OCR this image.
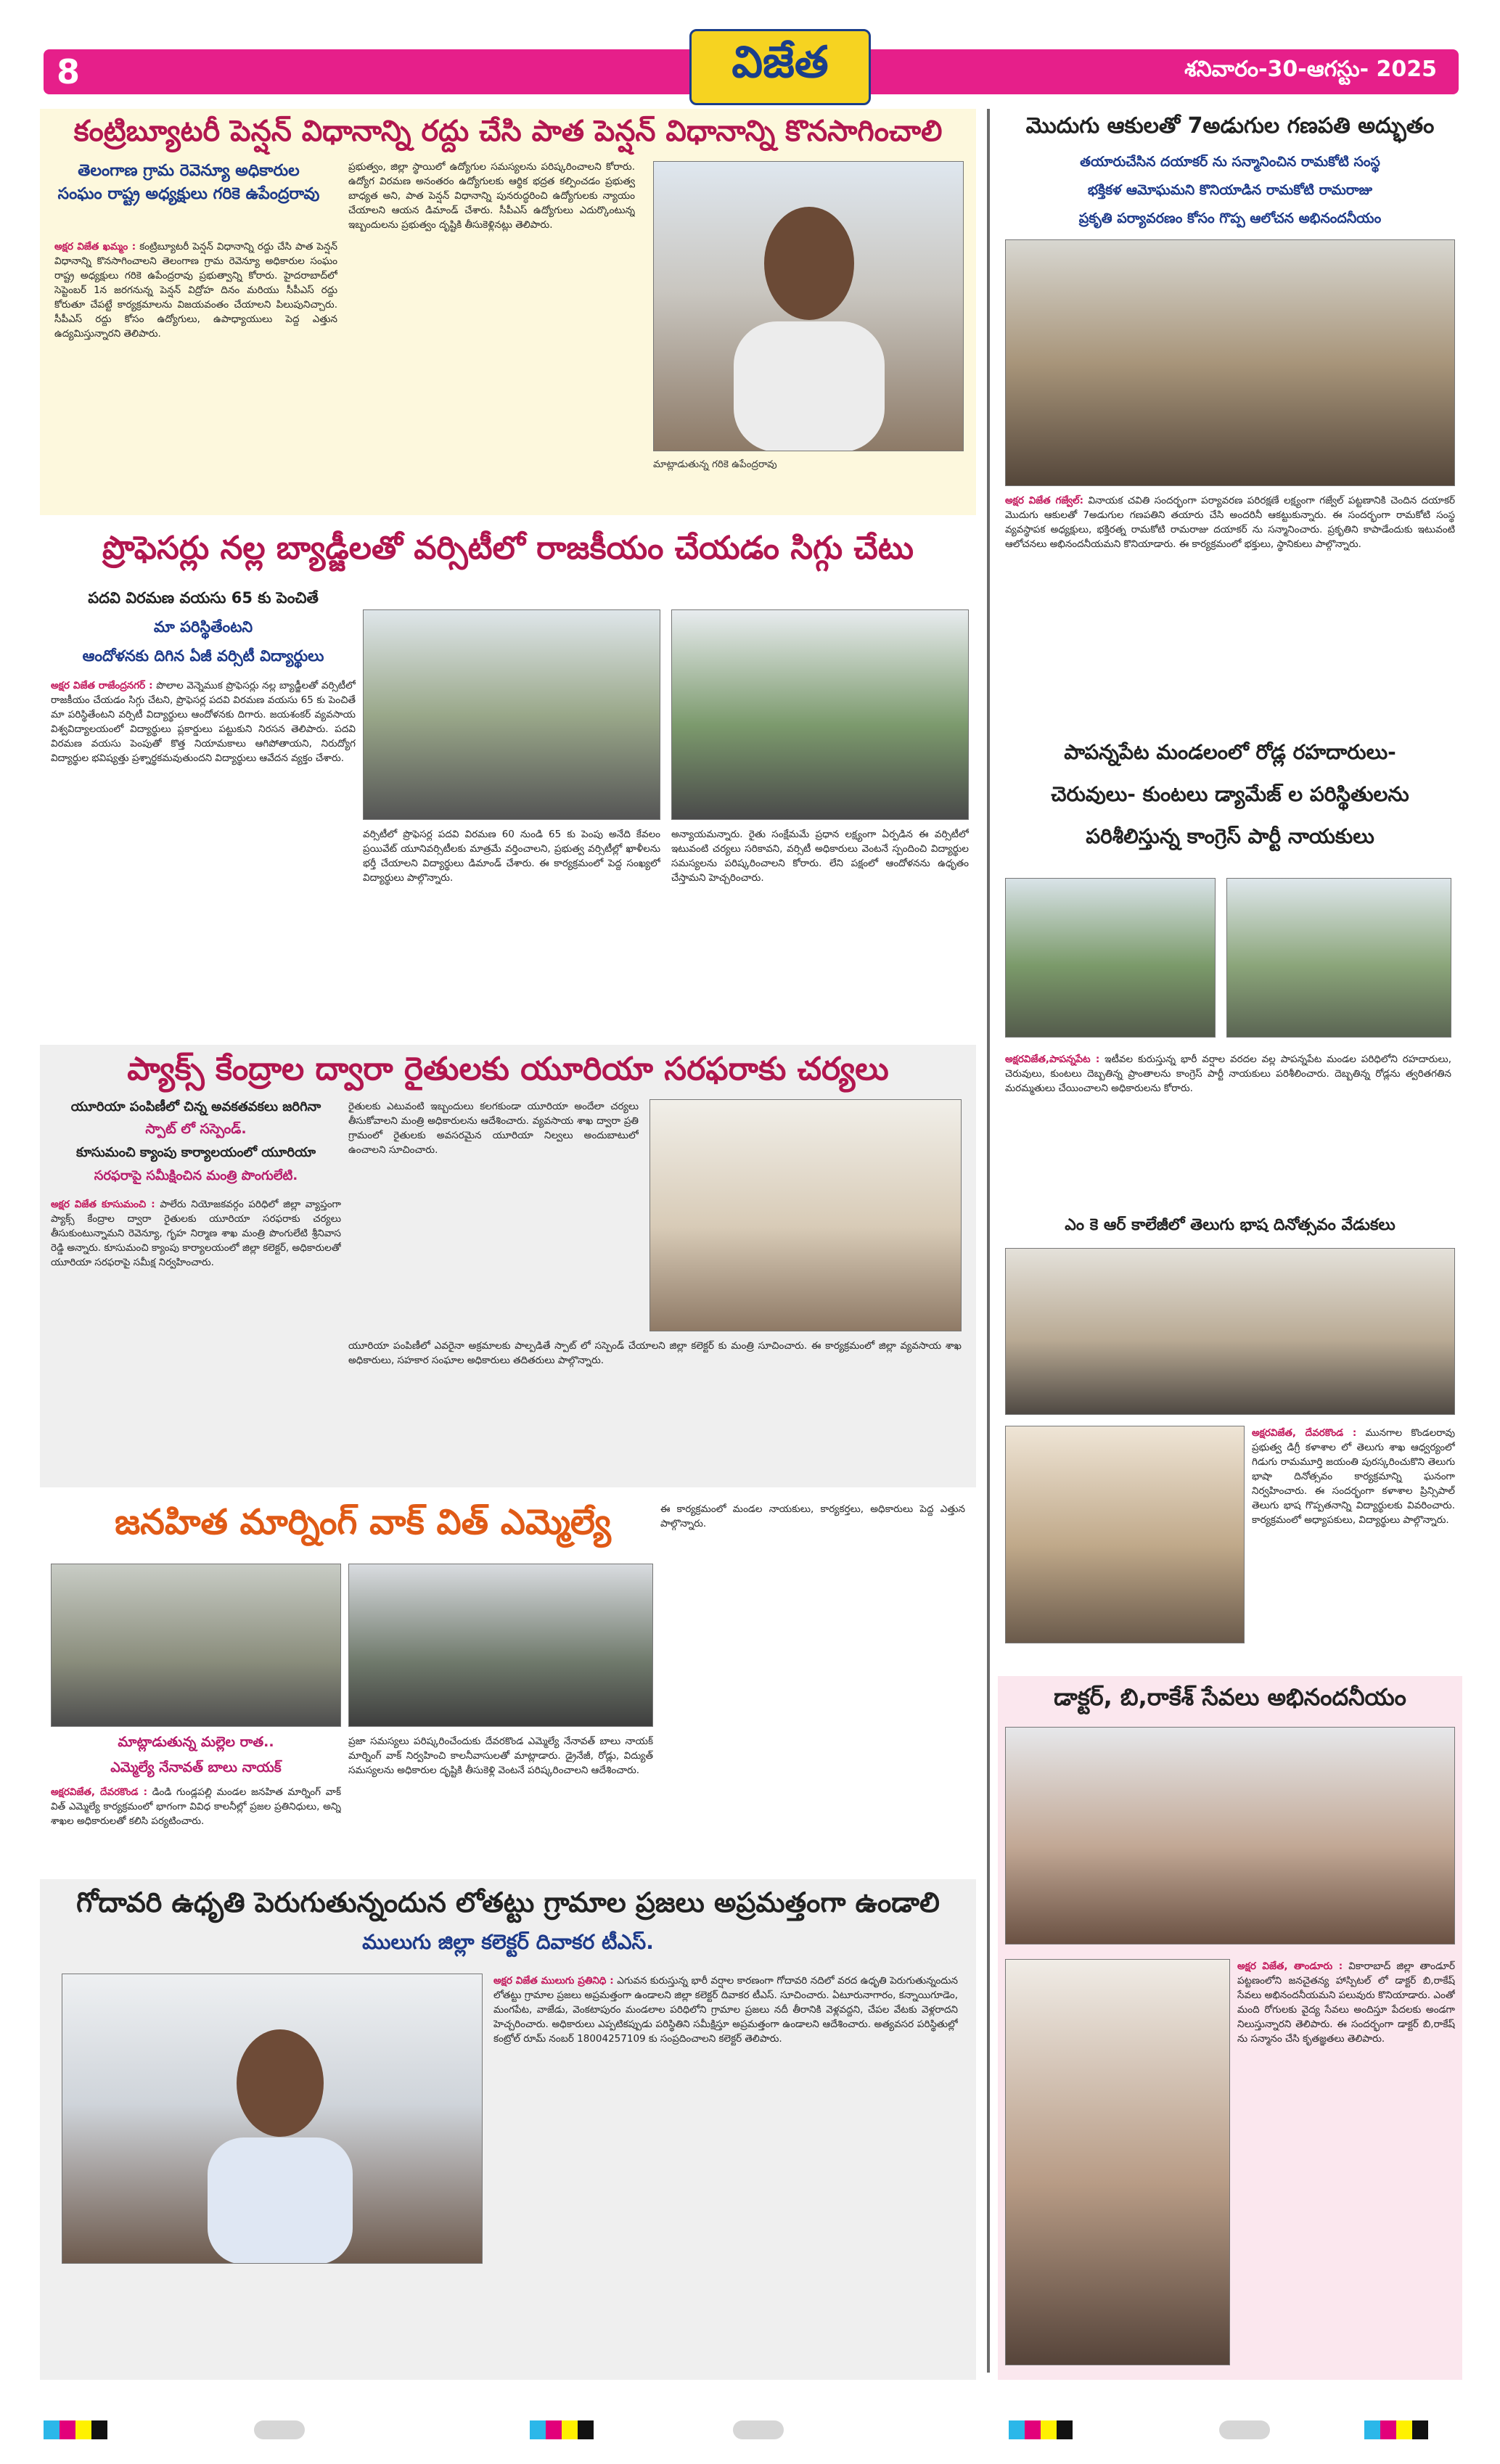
8	విజేత	శనివారం-30-ఆగస్టు- 2025
కంట్రిబ్యూటరీ పెన్షన్ విధానాన్ని రద్దు చేసి పాత పెన్షన్ విధానాన్ని కొనసాగించాలి
తెలంగాణ గ్రామ రెవెన్యూ అధికారుల సంఘం రాష్ట్ర అధ్యక్షులు గరికె ఉపేంద్రరావు
అక్షర విజేత ఖమ్మం : కంట్రిబ్యూటరీ పెన్షన్ విధానాన్ని రద్దు చేసి పాత పెన్షన్ విధానాన్ని కొనసాగించాలని తెలంగాణ గ్రామ రెవెన్యూ అధికారుల సంఘం రాష్ట్ర అధ్యక్షులు గరికె ఉపేంద్రరావు ప్రభుత్వాన్ని కోరారు. హైదరాబాద్‌లో సెప్టెంబర్ 1న జరగనున్న పెన్షన్ విద్రోహ దినం మరియు సీపీఎస్ రద్దు కోరుతూ చేపట్టే కార్యక్రమాలను విజయవంతం చేయాలని పిలుపునిచ్చారు. సీపీఎస్ రద్దు కోసం ఉద్యోగులు, ఉపాధ్యాయులు పెద్ద ఎత్తున ఉద్యమిస్తున్నారని తెలిపారు.
ప్రభుత్వం, జిల్లా స్థాయిలో ఉద్యోగుల సమస్యలను పరిష్కరించాలని కోరారు. ఉద్యోగ విరమణ అనంతరం ఉద్యోగులకు ఆర్థిక భద్రత కల్పించడం ప్రభుత్వ బాధ్యత అని, పాత పెన్షన్ విధానాన్ని పునరుద్ధరించి ఉద్యోగులకు న్యాయం చేయాలని ఆయన డిమాండ్ చేశారు. సీపీఎస్ ఉద్యోగులు ఎదుర్కొంటున్న ఇబ్బందులను ప్రభుత్వం దృష్టికి తీసుకెళ్లినట్లు తెలిపారు.
మాట్లాడుతున్న గరికె ఉపేంద్రరావు
ప్రొఫెసర్లు నల్ల బ్యాడ్జీలతో వర్సిటీలో రాజకీయం చేయడం సిగ్గు చేటు
పదవి విరమణ వయసు 65 కు పెంచితే
మా పరిస్థితేంటని
ఆందోళనకు దిగిన ఏజీ వర్సిటీ విద్యార్థులు
అక్షర విజేత రాజేంద్రనగర్ : పొలాల వెన్నెముక ప్రొఫెసర్లు నల్ల బ్యాడ్జీలతో వర్సిటీలో రాజకీయం చేయడం సిగ్గు చేటని, ప్రొఫెసర్ల పదవి విరమణ వయసు 65 కు పెంచితే మా పరిస్థితేంటని వర్సిటీ విద్యార్థులు ఆందోళనకు దిగారు. జయశంకర్ వ్యవసాయ విశ్వవిద్యాలయంలో విద్యార్థులు ప్లకార్డులు పట్టుకుని నిరసన తెలిపారు. పదవి విరమణ వయసు పెంపుతో కొత్త నియామకాలు ఆగిపోతాయని, నిరుద్యోగ విద్యార్థుల భవిష్యత్తు ప్రశ్నార్థకమవుతుందని విద్యార్థులు ఆవేదన వ్యక్తం చేశారు.
వర్సిటీలో ప్రొఫెసర్ల పదవి విరమణ 60 నుండి 65 కు పెంపు అనేది కేవలం ప్రయివేట్ యూనివర్సిటీలకు మాత్రమే వర్తించాలని, ప్రభుత్వ వర్సిటీల్లో ఖాళీలను భర్తీ చేయాలని విద్యార్థులు డిమాండ్ చేశారు. ఈ కార్యక్రమంలో పెద్ద సంఖ్యలో విద్యార్థులు పాల్గొన్నారు.
అన్యాయమన్నారు. రైతు సంక్షేమమే ప్రధాన లక్ష్యంగా ఏర్పడిన ఈ వర్సిటీలో ఇటువంటి చర్యలు సరికావని, వర్సిటీ అధికారులు వెంటనే స్పందించి విద్యార్థుల సమస్యలను పరిష్కరించాలని కోరారు. లేని పక్షంలో ఆందోళనను ఉధృతం చేస్తామని హెచ్చరించారు.
ప్యాక్స్ కేంద్రాల ద్వారా రైతులకు యూరియా సరఫరాకు చర్యలు
యూరియా పంపిణీలో చిన్న అవకతవకలు జరిగినా
స్పాట్ లో సస్పెండ్.
కూసుమంచి క్యాంపు కార్యాలయంలో యూరియా
సరఫరాపై సమీక్షించిన మంత్రి పొంగులేటి.
అక్షర విజేత కూసుమంచి : పాలేరు నియోజకవర్గం పరిధిలో జిల్లా వ్యాప్తంగా ప్యాక్స్ కేంద్రాల ద్వారా రైతులకు యూరియా సరఫరాకు చర్యలు తీసుకుంటున్నామని రెవెన్యూ, గృహ నిర్మాణ శాఖ మంత్రి పొంగులేటి శ్రీనివాస రెడ్డి అన్నారు. కూసుమంచి క్యాంపు కార్యాలయంలో జిల్లా కలెక్టర్, అధికారులతో యూరియా సరఫరాపై సమీక్ష నిర్వహించారు.
రైతులకు ఎటువంటి ఇబ్బందులు కలగకుండా యూరియా అందేలా చర్యలు తీసుకోవాలని మంత్రి అధికారులను ఆదేశించారు. వ్యవసాయ శాఖ ద్వారా ప్రతి గ్రామంలో రైతులకు అవసరమైన యూరియా నిల్వలు అందుబాటులో ఉంచాలని సూచించారు.
యూరియా పంపిణీలో ఎవరైనా అక్రమాలకు పాల్పడితే స్పాట్ లో సస్పెండ్ చేయాలని జిల్లా కలెక్టర్ కు మంత్రి సూచించారు. ఈ కార్యక్రమంలో జిల్లా వ్యవసాయ శాఖ అధికారులు, సహకార సంఘాల అధికారులు తదితరులు పాల్గొన్నారు.
జనహిత మార్నింగ్ వాక్ విత్ ఎమ్మెల్యే
మాట్లాడుతున్న మల్లెల రాత..
ఎమ్మెల్యే నేనావత్ బాలు నాయక్
అక్షరవిజేత, దేవరకొండ : డిండి గుండ్లపల్లి మండల జనహిత మార్నింగ్ వాక్ విత్ ఎమ్మెల్యే కార్యక్రమంలో భాగంగా వివిధ కాలనీల్లో ప్రజల ప్రతినిధులు, అన్ని శాఖల అధికారులతో కలిసి పర్యటించారు.
ప్రజా సమస్యలు పరిష్కరించేందుకు దేవరకొండ ఎమ్మెల్యే నేనావత్ బాలు నాయక్ మార్నింగ్ వాక్ నిర్వహించి కాలనీవాసులతో మాట్లాడారు. డ్రైనేజీ, రోడ్లు, విద్యుత్ సమస్యలను అధికారుల దృష్టికి తీసుకెళ్లి వెంటనే పరిష్కరించాలని ఆదేశించారు.
ఈ కార్యక్రమంలో మండల నాయకులు, కార్యకర్తలు, అధికారులు పెద్ద ఎత్తున పాల్గొన్నారు.
గోదావరి ఉధృతి పెరుగుతున్నందున లోతట్టు గ్రామాల ప్రజలు అప్రమత్తంగా ఉండాలి
ములుగు జిల్లా కలెక్టర్ దివాకర టీఎస్.
అక్షర విజేత ములుగు ప్రతినిధి : ఎగువన కురుస్తున్న భారీ వర్షాల కారణంగా గోదావరి నదిలో వరద ఉధృతి పెరుగుతున్నందున లోతట్టు గ్రామాల ప్రజలు అప్రమత్తంగా ఉండాలని జిల్లా కలెక్టర్ దివాకర టీఎస్. సూచించారు. ఏటూరునాగారం, కన్నాయిగూడెం, మంగపేట, వాజేడు, వెంకటాపురం మండలాల పరిధిలోని గ్రామాల ప్రజలు నదీ తీరానికి వెళ్లవద్దని, చేపల వేటకు వెళ్లరాదని హెచ్చరించారు. అధికారులు ఎప్పటికప్పుడు పరిస్థితిని సమీక్షిస్తూ అప్రమత్తంగా ఉండాలని ఆదేశించారు. అత్యవసర పరిస్థితుల్లో కంట్రోల్ రూమ్ నంబర్ 18004257109 కు సంప్రదించాలని కలెక్టర్ తెలిపారు.
మొదుగు ఆకులతో 7అడుగుల గణపతి అద్భుతం
తయారుచేసిన దయాకర్ ను సన్మానించిన రామకోటి సంస్థ
భక్తికళ ఆమోఘమని కొనియాడిన రామకోటి రామరాజు
ప్రకృతి పర్యావరణం కోసం గొప్ప ఆలోచన అభినందనీయం
అక్షర విజేత గజ్వేల్: వినాయక చవితి సందర్భంగా పర్యావరణ పరిరక్షణే లక్ష్యంగా గజ్వేల్ పట్టణానికి చెందిన దయాకర్ మొదుగు ఆకులతో 7అడుగుల గణపతిని తయారు చేసి అందరినీ ఆకట్టుకున్నారు. ఈ సందర్భంగా రామకోటి సంస్థ వ్యవస్థాపక అధ్యక్షులు, భక్తిరత్న రామకోటి రామరాజు దయాకర్ ను సన్మానించారు. ప్రకృతిని కాపాడేందుకు ఇటువంటి ఆలోచనలు అభినందనీయమని కొనియాడారు. ఈ కార్యక్రమంలో భక్తులు, స్థానికులు పాల్గొన్నారు.
పాపన్నపేట మండలంలో రోడ్ల రహదారులు-
చెరువులు- కుంటలు డ్యామేజ్ ల పరిస్థితులను
పరిశీలిస్తున్న కాంగ్రెస్ పార్టీ నాయకులు
అక్షరవిజేత,పాపన్నపేట : ఇటీవల కురుస్తున్న భారీ వర్షాల వరదల వల్ల పాపన్నపేట మండల పరిధిలోని రహదారులు, చెరువులు, కుంటలు దెబ్బతిన్న ప్రాంతాలను కాంగ్రెస్ పార్టీ నాయకులు పరిశీలించారు. దెబ్బతిన్న రోడ్లను త్వరితగతిన మరమ్మతులు చేయించాలని అధికారులను కోరారు.
ఎం కె ఆర్ కాలేజీలో తెలుగు భాష దినోత్సవం వేడుకలు
అక్షరవిజేత, దేవరకొండ : మునగాల కొండలరావు ప్రభుత్వ డిగ్రీ కళాశాల లో తెలుగు శాఖ ఆధ్వర్యంలో గిడుగు రామమూర్తి జయంతి పురస్కరించుకొని తెలుగు భాషా దినోత్సవం కార్యక్రమాన్ని ఘనంగా నిర్వహించారు. ఈ సందర్భంగా కళాశాల ప్రిన్సిపాల్ తెలుగు భాష గొప్పతనాన్ని విద్యార్థులకు వివరించారు. కార్యక్రమంలో అధ్యాపకులు, విద్యార్థులు పాల్గొన్నారు.
డాక్టర్, బి,రాకేశ్ సేవలు అభినందనీయం
అక్షర విజేత, తాండూరు : వికారాబాద్ జిల్లా తాండూర్ పట్టణంలోని జనచైతన్య హాస్పిటల్ లో డాక్టర్ బి,రాకేష్ సేవలు అభినందనీయమని పలువురు కొనియాడారు. ఎంతో మంది రోగులకు వైద్య సేవలు అందిస్తూ పేదలకు అండగా నిలుస్తున్నారని తెలిపారు. ఈ సందర్భంగా డాక్టర్ బి,రాకేష్ ను సన్మానం చేసి కృతజ్ఞతలు తెలిపారు.
